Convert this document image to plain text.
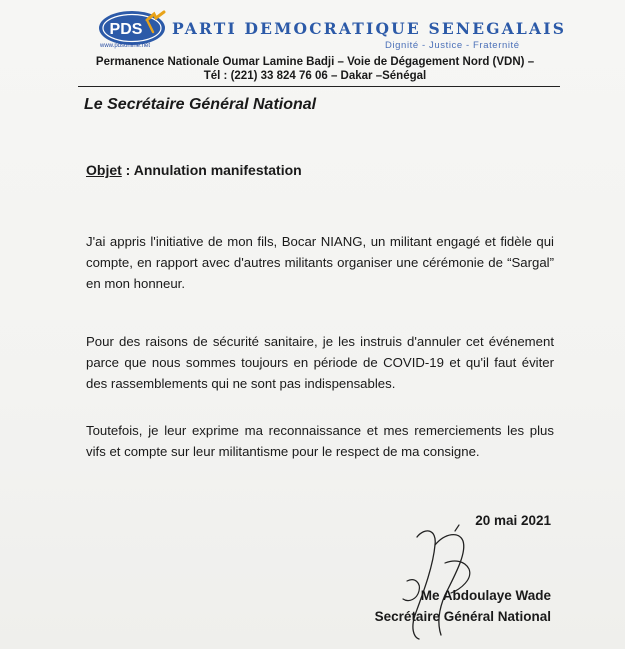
PDS
www.pdsonline.net
PARTI DEMOCRATIQUE SENEGALAIS
Dignité - Justice - Fraternité
Permanence Nationale Oumar Lamine Badji – Voie de Dégagement Nord (VDN) –
Tél : (221) 33 824 76 06 – Dakar –Sénégal
Le Secrétaire Général National
Objet : Annulation manifestation
J'ai appris l'initiative de mon fils, Bocar NIANG, un militant engagé et fidèle qui compte, en rapport avec d'autres militants organiser une cérémonie de “Sargal” en mon honneur.
Pour des raisons de sécurité sanitaire, je les instruis d'annuler cet événement parce que nous sommes toujours en période de COVID-19 et qu'il faut éviter des rassemblements qui ne sont pas indispensables.
Toutefois, je leur exprime ma reconnaissance et mes remerciements les plus vifs et compte sur leur militantisme pour le respect de ma consigne.
20 mai 2021
Me Abdoulaye Wade
Secrétaire Général National
